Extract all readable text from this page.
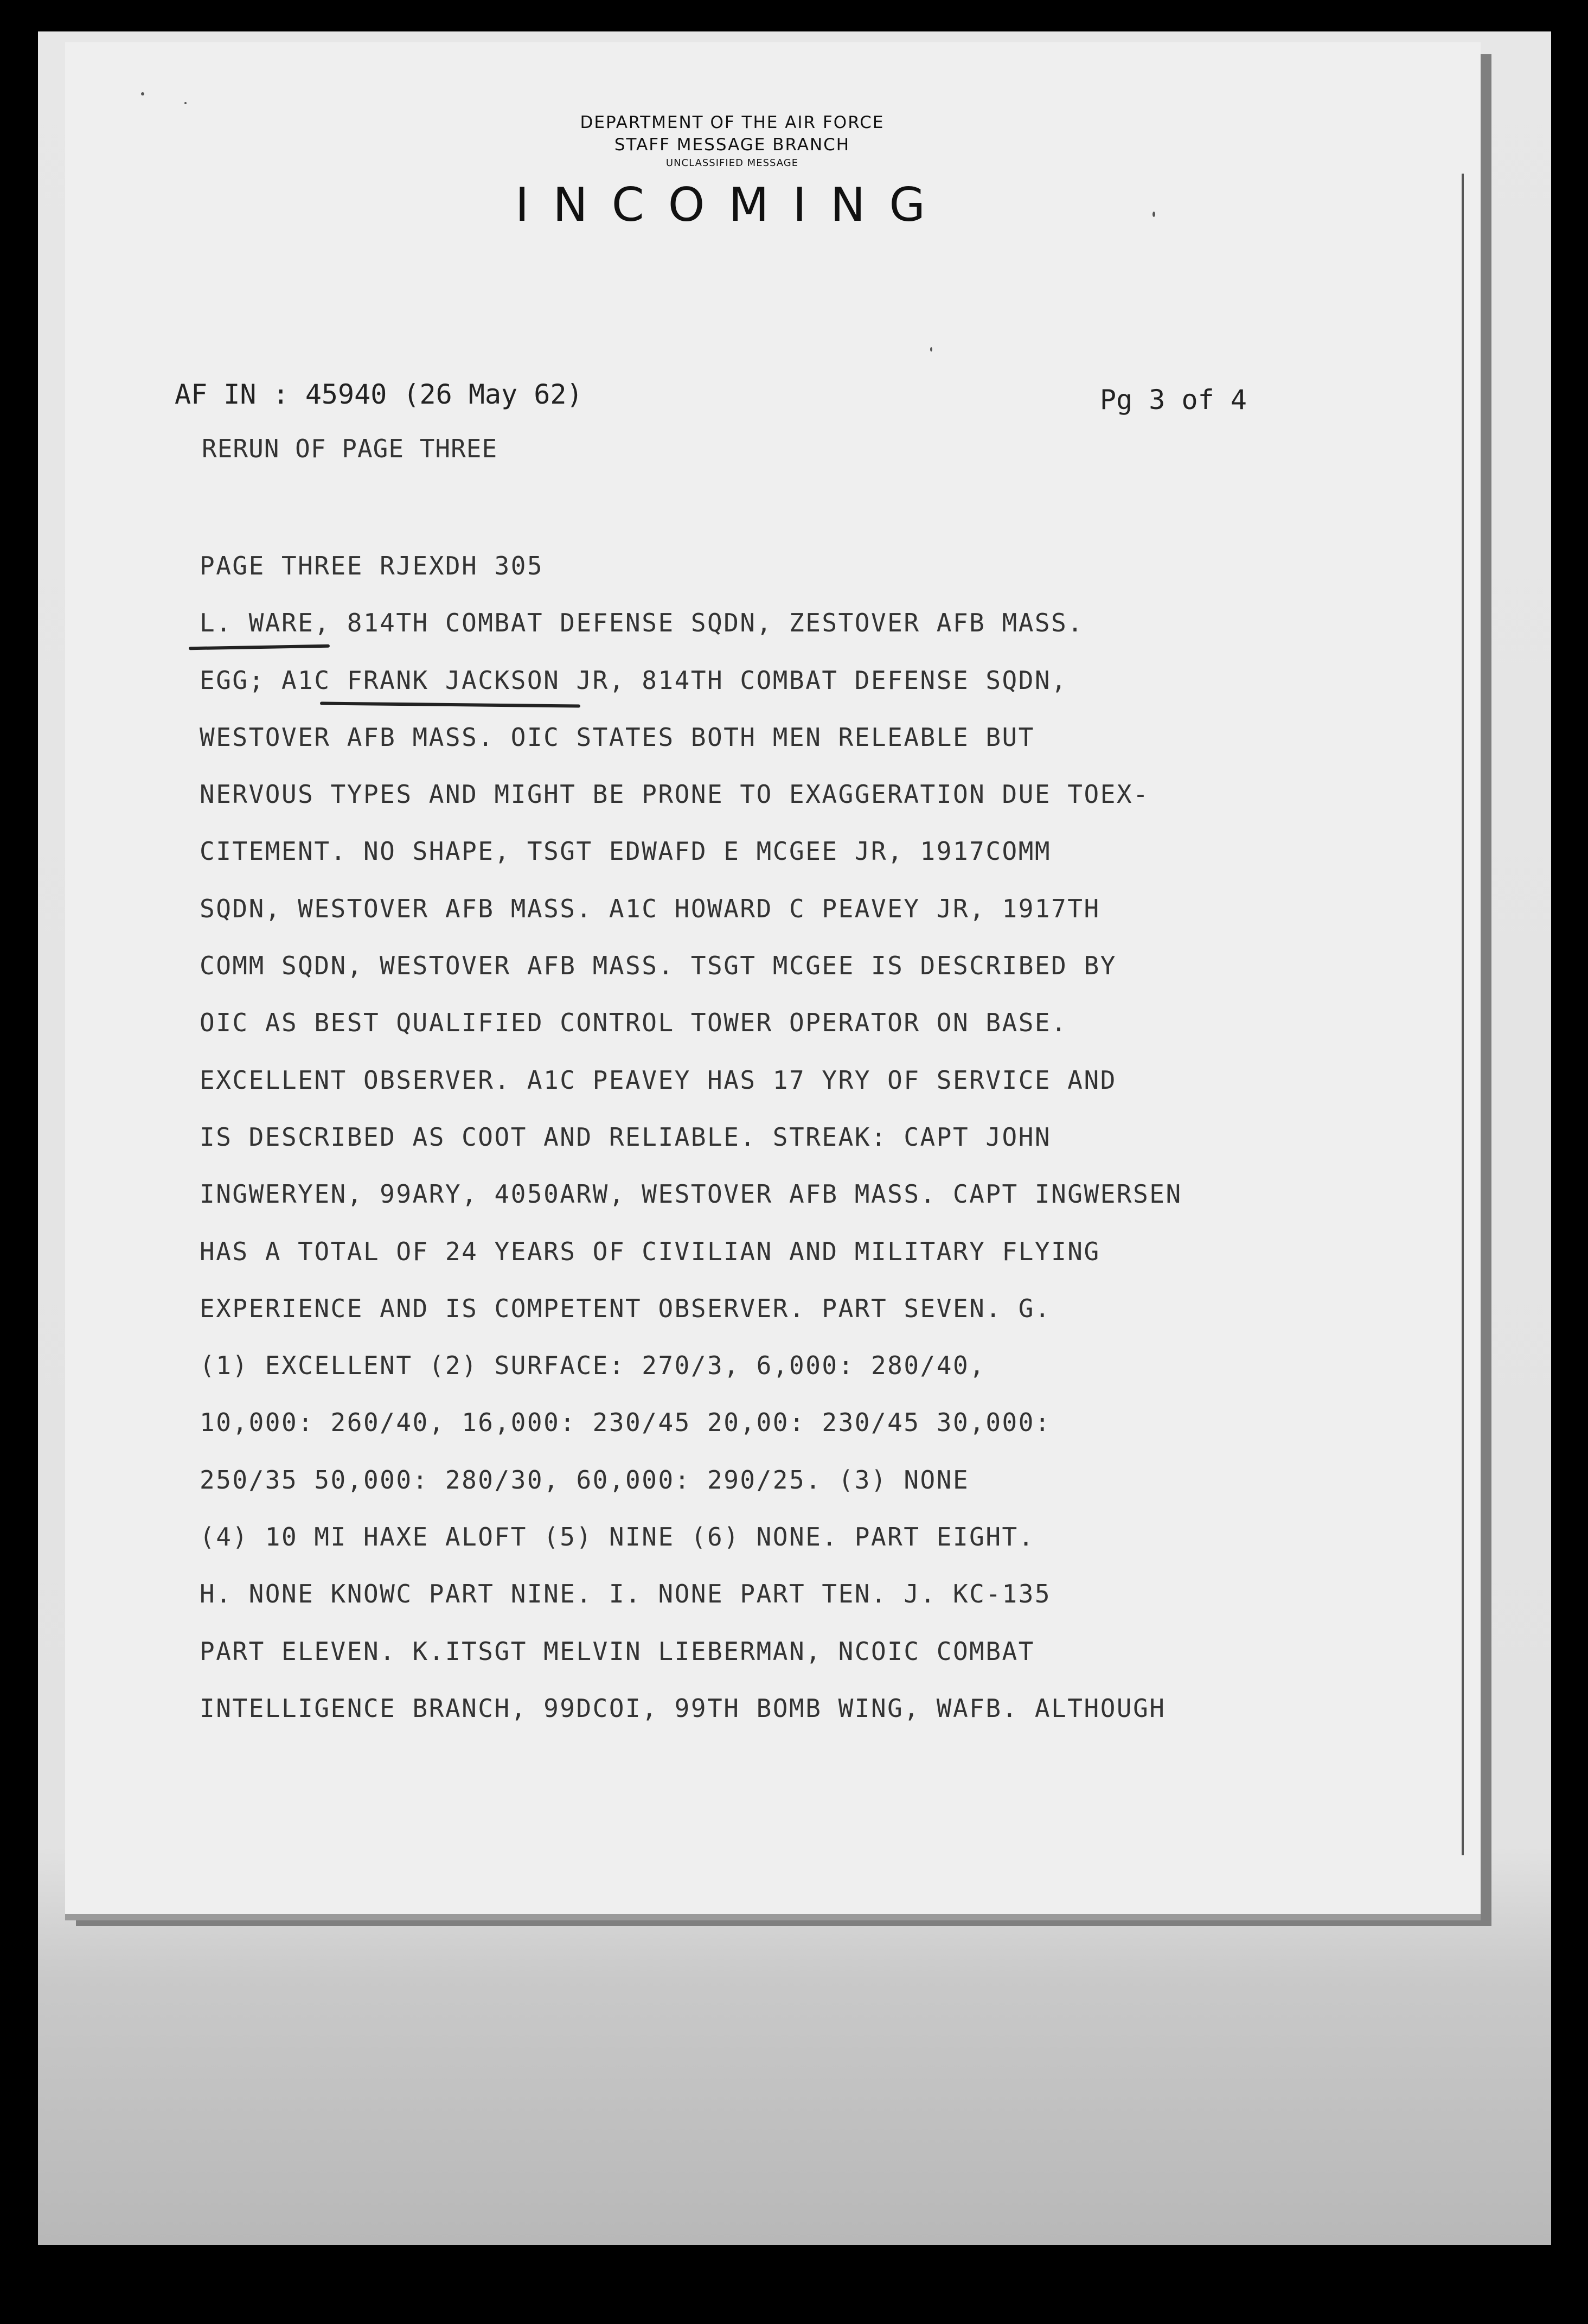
DEPARTMENT OF THE AIR FORCE
STAFF MESSAGE BRANCH
UNCLASSIFIED MESSAGE
INCOMING
AF IN : 45940 (26 May 62)	Pg 3 of 4
RERUN OF PAGE THREE
PAGE THREE RJEXDH 305
L. WARE, 814TH COMBAT DEFENSE SQDN, ZESTOVER AFB MASS.
EGG; A1C FRANK JACKSON JR, 814TH COMBAT DEFENSE SQDN,
WESTOVER AFB MASS. OIC STATES BOTH MEN RELEABLE BUT
NERVOUS TYPES AND MIGHT BE PRONE TO EXAGGERATION DUE TOEX-
CITEMENT. NO SHAPE, TSGT EDWAFD E MCGEE JR, 1917COMM
SQDN, WESTOVER AFB MASS. A1C HOWARD C PEAVEY JR, 1917TH
COMM SQDN, WESTOVER AFB MASS. TSGT MCGEE IS DESCRIBED BY
OIC AS BEST QUALIFIED CONTROL TOWER OPERATOR ON BASE.
EXCELLENT OBSERVER. A1C PEAVEY HAS 17 YRY OF SERVICE AND
IS DESCRIBED AS COOT AND RELIABLE. STREAK: CAPT JOHN
INGWERYEN, 99ARY, 4050ARW, WESTOVER AFB MASS. CAPT INGWERSEN
HAS A TOTAL OF 24 YEARS OF CIVILIAN AND MILITARY FLYING
EXPERIENCE AND IS COMPETENT OBSERVER. PART SEVEN. G.
(1) EXCELLENT (2) SURFACE: 270/3, 6,000: 280/40,
10,000: 260/40, 16,000: 230/45 20,00: 230/45 30,000:
250/35 50,000: 280/30, 60,000: 290/25. (3) NONE
(4) 10 MI HAXE ALOFT (5) NINE (6) NONE. PART EIGHT.
H. NONE KNOWC PART NINE. I. NONE PART TEN. J. KC-135
PART ELEVEN. K.ITSGT MELVIN LIEBERMAN, NCOIC COMBAT
INTELLIGENCE BRANCH, 99DCOI, 99TH BOMB WING, WAFB. ALTHOUGH
